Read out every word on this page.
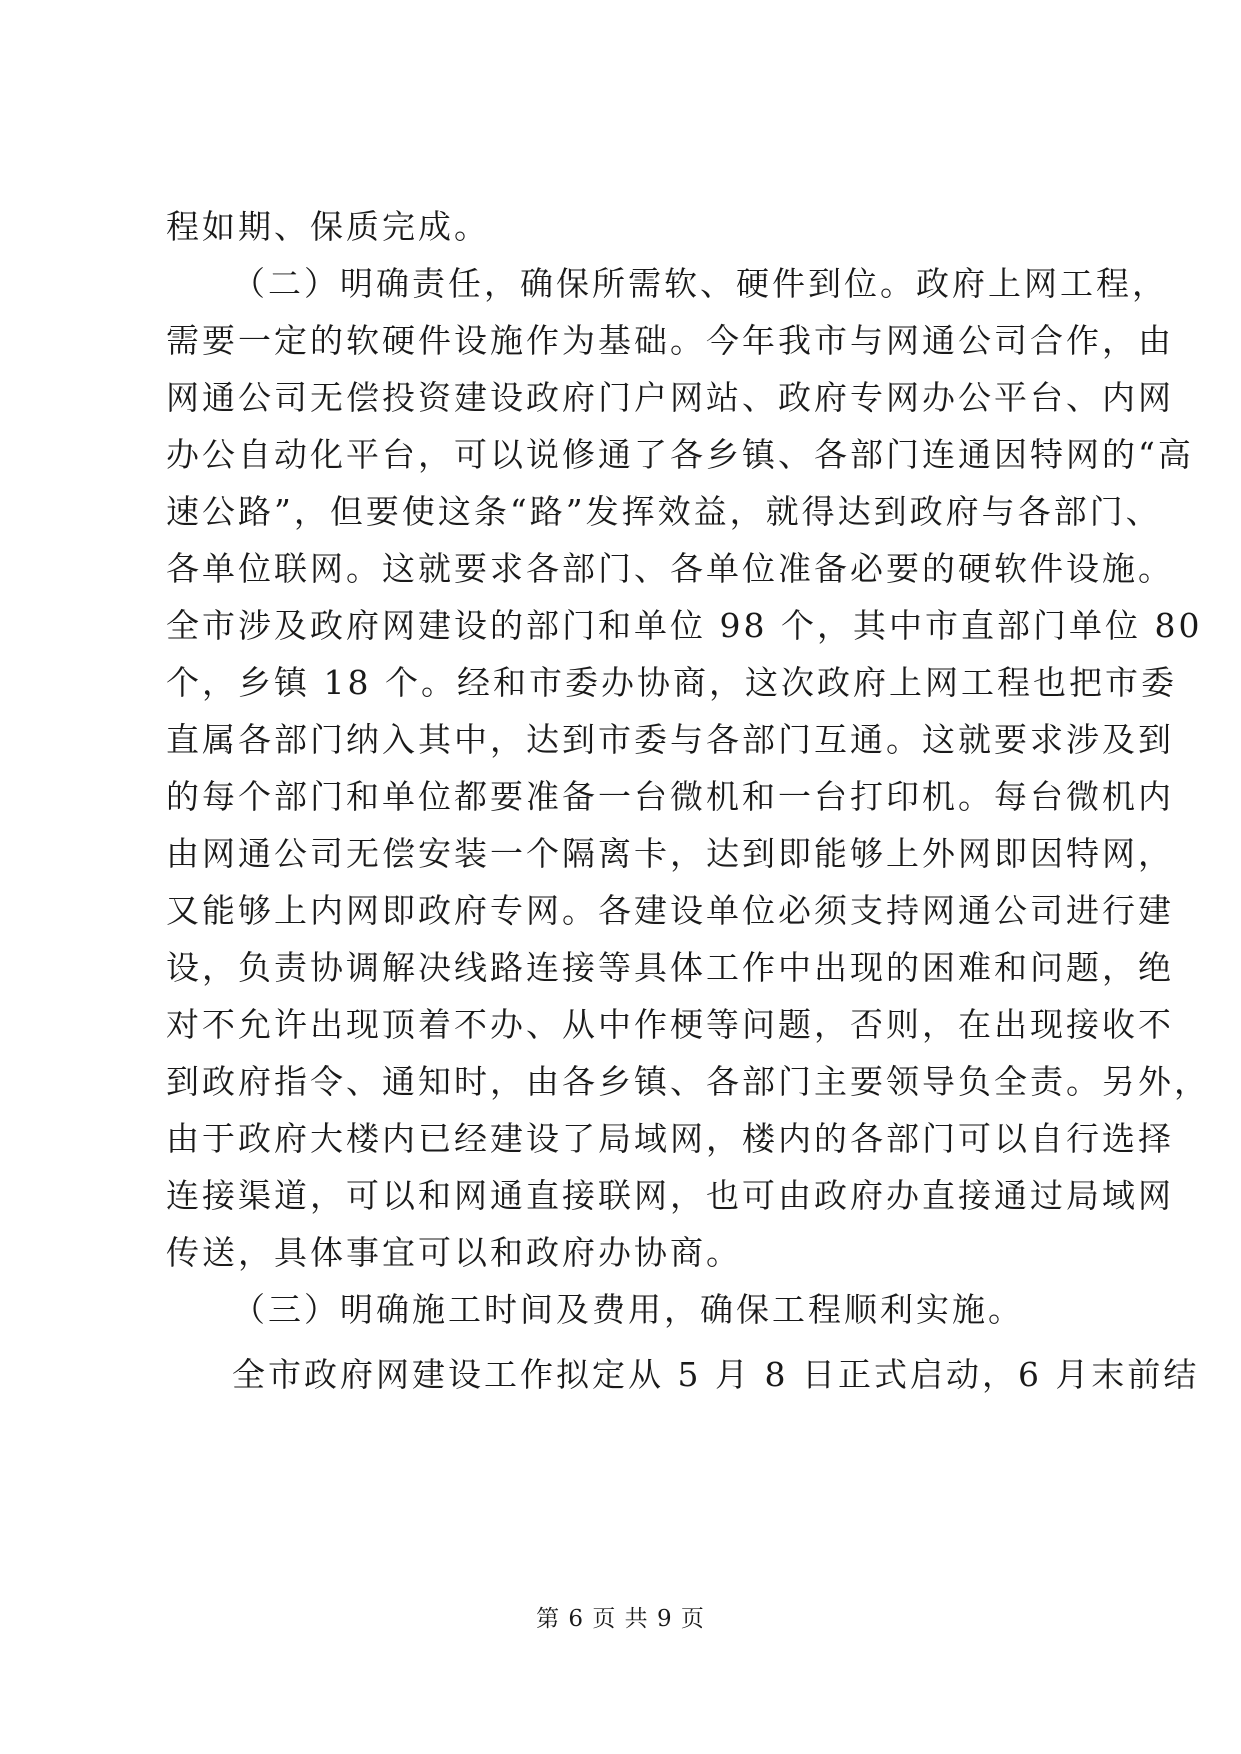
程如期、保质完成。
（二）明确责任，确保所需软、硬件到位。政府上网工程，
需要一定的软硬件设施作为基础。今年我市与网通公司合作，由
网通公司无偿投资建设政府门户网站、政府专网办公平台、内网
办公自动化平台，可以说修通了各乡镇、各部门连通因特网的“高
速公路”，但要使这条“路”发挥效益，就得达到政府与各部门、
各单位联网。这就要求各部门、各单位准备必要的硬软件设施。
全市涉及政府网建设的部门和单位 98 个，其中市直部门单位 80
个，乡镇 18 个。经和市委办协商，这次政府上网工程也把市委
直属各部门纳入其中，达到市委与各部门互通。这就要求涉及到
的每个部门和单位都要准备一台微机和一台打印机。每台微机内
由网通公司无偿安装一个隔离卡，达到即能够上外网即因特网，
又能够上内网即政府专网。各建设单位必须支持网通公司进行建
设，负责协调解决线路连接等具体工作中出现的困难和问题，绝
对不允许出现顶着不办、从中作梗等问题，否则，在出现接收不
到政府指令、通知时，由各乡镇、各部门主要领导负全责。另外，
由于政府大楼内已经建设了局域网，楼内的各部门可以自行选择
连接渠道，可以和网通直接联网，也可由政府办直接通过局域网
传送，具体事宜可以和政府办协商。
（三）明确施工时间及费用，确保工程顺利实施。
全市政府网建设工作拟定从 5 月 8 日正式启动，6 月末前结
第 6 页 共 9 页
